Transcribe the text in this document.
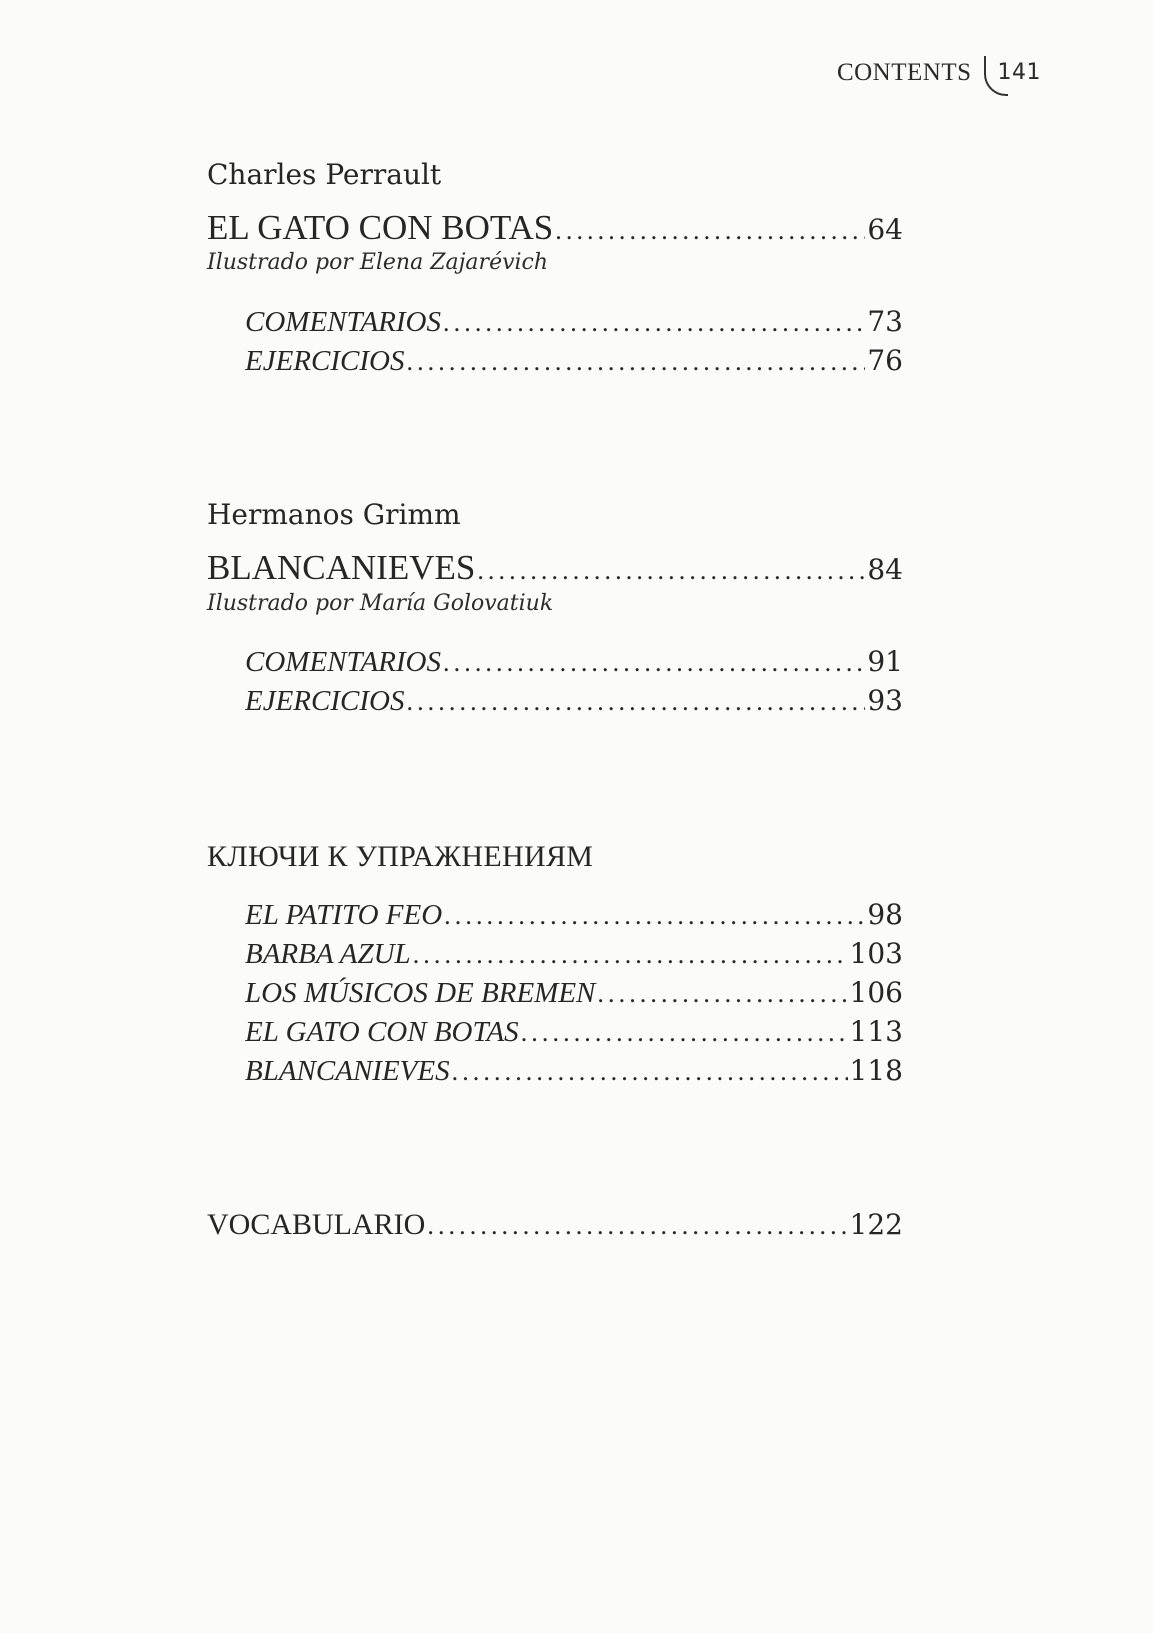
CONTENTS	141
Charles Perrault
EL GATO CON BOTAS . . .	64
Ilustrado por Elena Zajarévich
COMENTARIOS . . .	73
EJERCICIOS . . .	76
Hermanos Grimm
BLANCANIEVES . . .	84
Ilustrado por María Golovatiuk
COMENTARIOS . . .	91
EJERCICIOS . . .	93
КЛЮЧИ К УПРАЖНЕНИЯМ
EL PATITO FEO . . .	98
BARBA AZUL . . .	103
LOS MÚSICOS DE BREMEN . . .	106
EL GATO CON BOTAS . . .	113
BLANCANIEVES . . .	118
VOCABULARIO . . .	122
